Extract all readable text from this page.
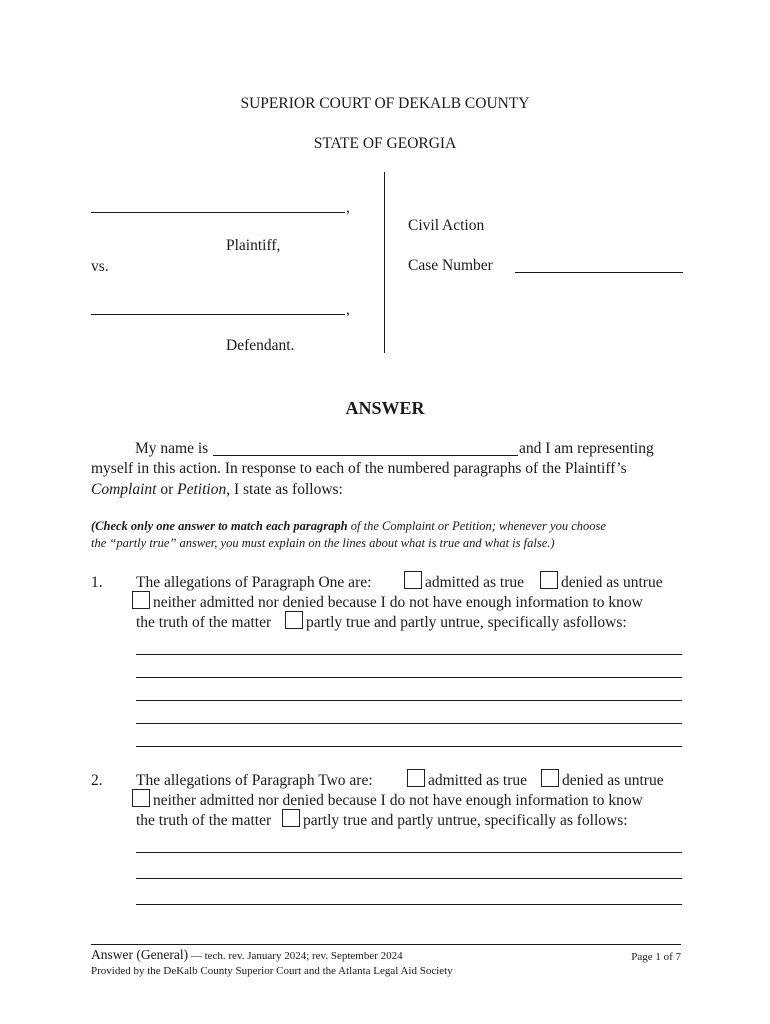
SUPERIOR COURT OF DEKALB COUNTY
STATE OF GEORGIA
,
Plaintiff,
vs.
,
Defendant.
Civil Action
Case Number
ANSWER
My name is	and I am representing
myself in this action. In response to each of the numbered paragraphs of the Plaintiff’s
Complaint or Petition, I state as follows:
(Check only one answer to match each paragraph of the Complaint or Petition; whenever you choose
the “partly true” answer, you must explain on the lines about what is true and what is false.)
1. The allegations of Paragraph One are:	admitted as true denied as untrue
neither admitted nor denied because I do not have enough information to know
the truth of the matter partly true and partly untrue, specifically asfollows:
2. The allegations of Paragraph Two are:	admitted as true denied as untrue
neither admitted nor denied because I do not have enough information to know
the truth of the matter partly true and partly untrue, specifically as follows:
Answer (General) — tech. rev. January 2024; rev. September 2024	Page 1 of 7
Provided by the DeKalb County Superior Court and the Atlanta Legal Aid Society
